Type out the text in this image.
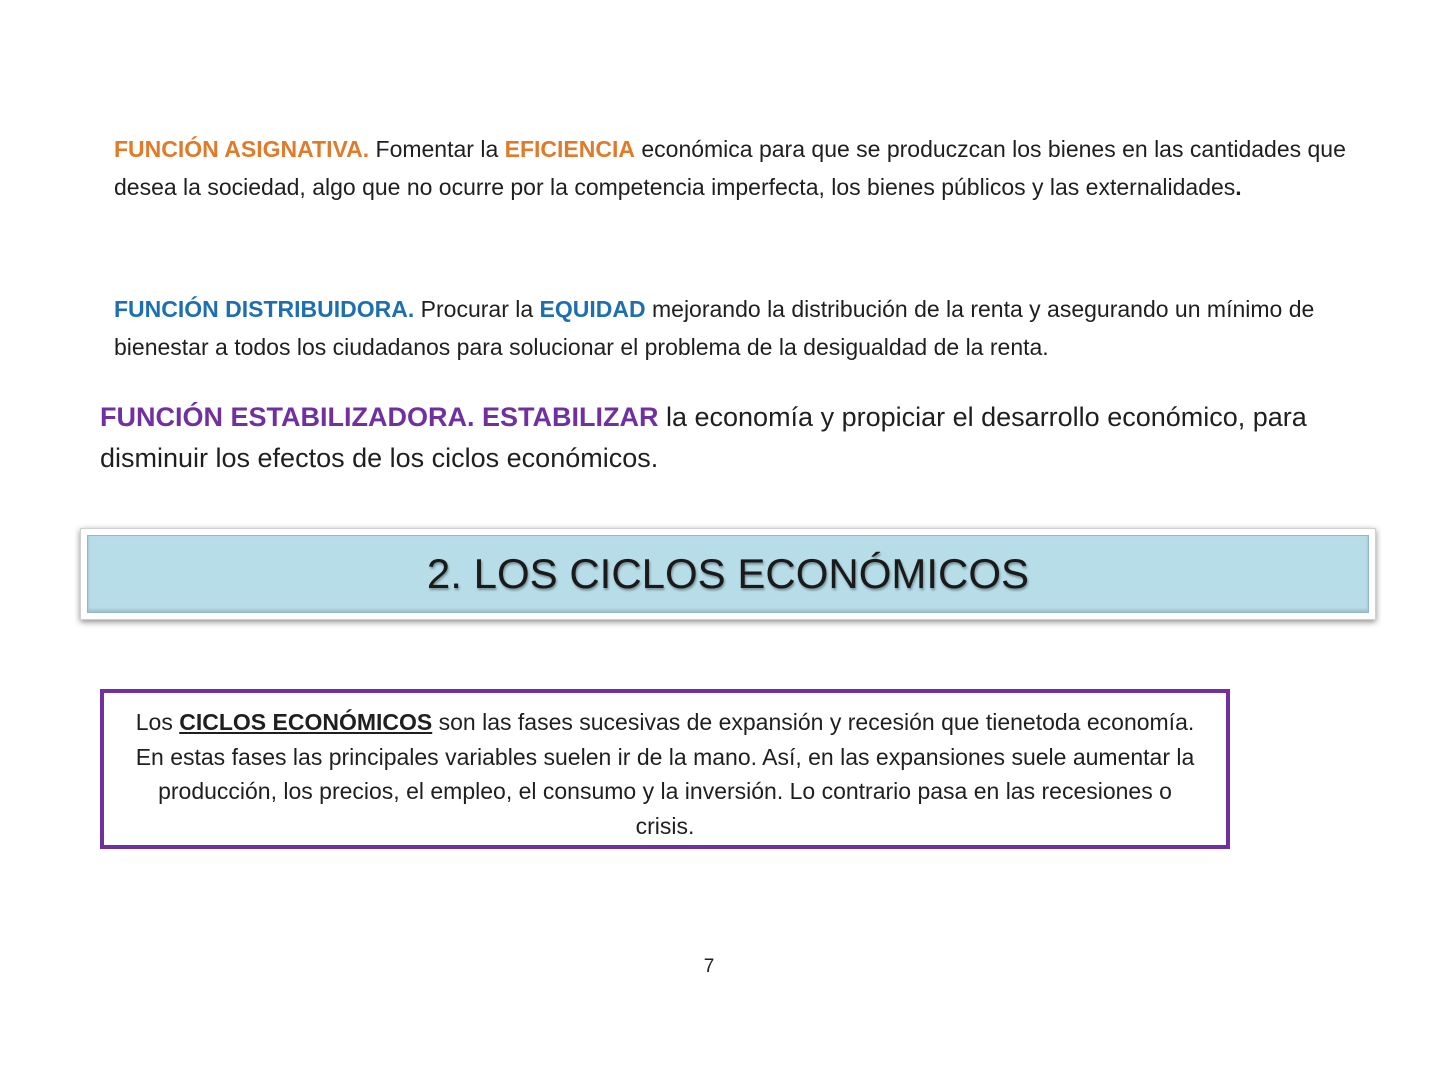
FUNCIÓN ASIGNATIVA. Fomentar la EFICIENCIA económica para que se produczcan los bienes en las cantidades que desea la sociedad, algo que no ocurre por la competencia imperfecta, los bienes públicos y las externalidades.

FUNCIÓN DISTRIBUIDORA. Procurar la EQUIDAD mejorando la distribución de la renta y asegurando un mínimo de bienestar a todos los ciudadanos para solucionar el problema de la desigualdad de la renta.

FUNCIÓN ESTABILIZADORA. ESTABILIZAR la economía y propiciar el desarrollo económico, para disminuir los efectos de los ciclos económicos.

2. LOS CICLOS ECONÓMICOS
Los CICLOS ECONÓMICOS son las fases sucesivas de expansión y recesión que tienetoda economía. En estas fases las principales variables suelen ir de la mano. Así, en las expansiones suele aumentar la producción, los precios, el empleo, el consumo y la inversión. Lo contrario pasa en las recesiones o crisis.
7
